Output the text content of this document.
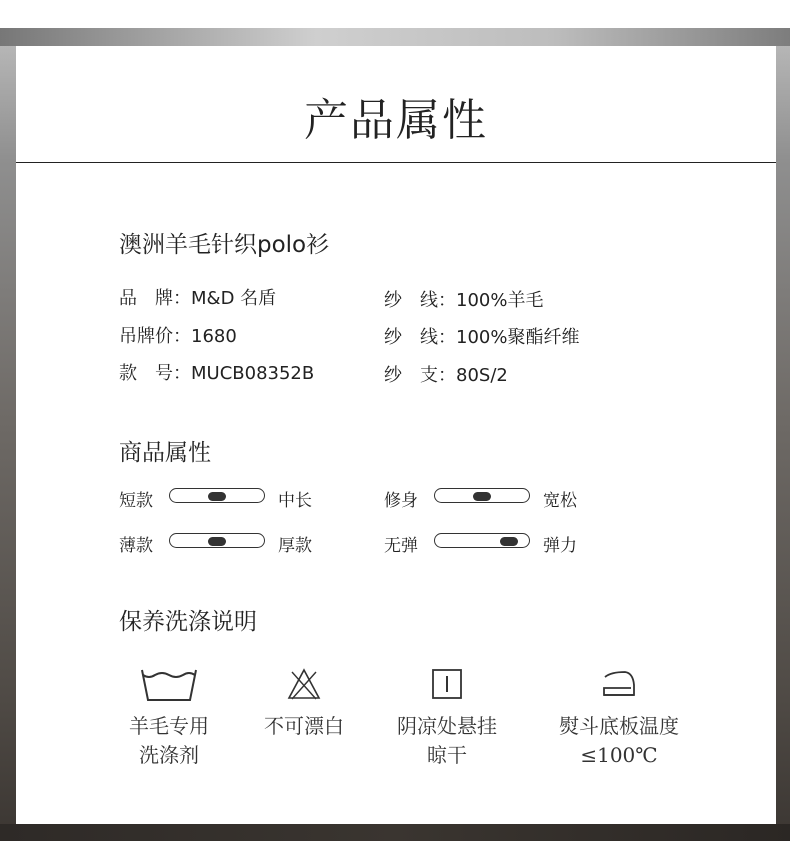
产品属性
澳洲羊毛针织polo衫
品　牌：M&D 名盾	纱　线：100%羊毛
吊牌价：1680	纱　线：100%聚酯纤维
款　号：MUCB08352B	纱　支：80S/2
商品属性
短款	中长	修身	宽松
薄款	厚款	无弹	弹力
保养洗涤说明
羊毛专用
洗涤剂
不可漂白	阴凉处悬挂
晾干
熨斗底板温度
≤100℃
